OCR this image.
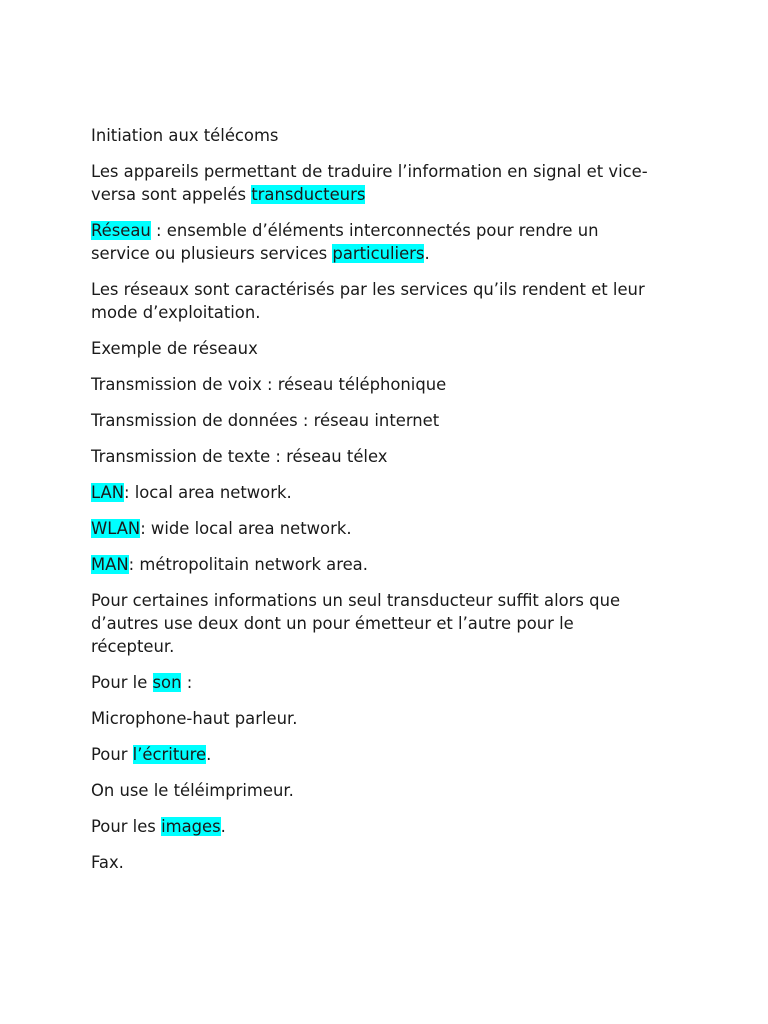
Initiation aux télécoms

Les appareils permettant de traduire l’information en signal et vice-versa sont appelés transducteurs

Réseau : ensemble d’éléments interconnectés pour rendre un service ou plusieurs services particuliers.

Les réseaux sont caractérisés par les services qu’ils rendent et leur mode d’exploitation.

Exemple de réseaux

Transmission de voix : réseau téléphonique

Transmission de données : réseau internet

Transmission de texte : réseau télex

LAN: local area network.

WLAN: wide local area network.

MAN: métropolitain network area.

Pour certaines informations un seul transducteur suffit alors que d’autres use deux dont un pour émetteur et l’autre pour le récepteur.

Pour le son :

Microphone-haut parleur.

Pour l’écriture.

On use le téléimprimeur.

Pour les images.

Fax.
